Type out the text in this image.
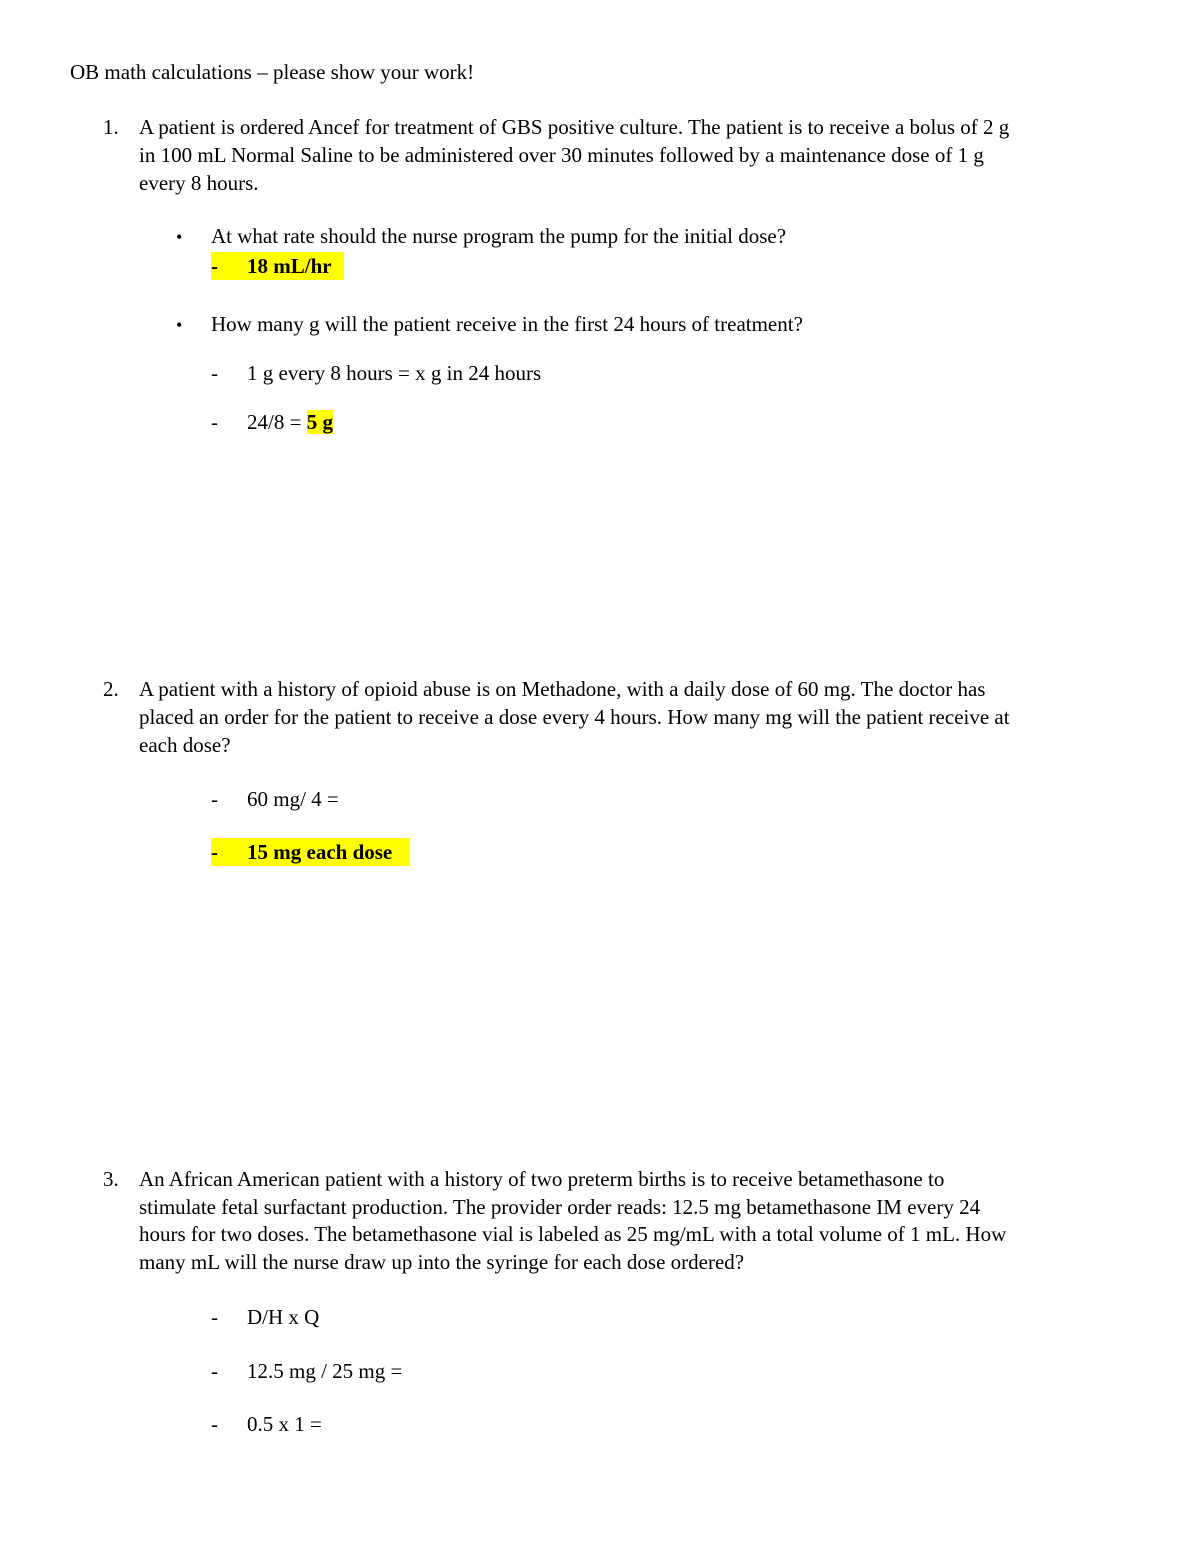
OB math calculations – please show your work!
1. A patient is ordered Ancef for treatment of GBS positive culture. The patient is to receive a bolus of 2 g
in 100 mL Normal Saline to be administered over 30 minutes followed by a maintenance dose of 1 g
every 8 hours.
• At what rate should the nurse program the pump for the initial dose?
- 18 mL/hr
• How many g will the patient receive in the first 24 hours of treatment?
- 1 g every 8 hours = x g in 24 hours
- 24/8 = 5 g
2. A patient with a history of opioid abuse is on Methadone, with a daily dose of 60 mg. The doctor has
placed an order for the patient to receive a dose every 4 hours. How many mg will the patient receive at
each dose?
- 60 mg/ 4 =
- 15 mg each dose
3. An African American patient with a history of two preterm births is to receive betamethasone to
stimulate fetal surfactant production. The provider order reads: 12.5 mg betamethasone IM every 24
hours for two doses. The betamethasone vial is labeled as 25 mg/mL with a total volume of 1 mL. How
many mL will the nurse draw up into the syringe for each dose ordered?
- D/H x Q
- 12.5 mg / 25 mg =
- 0.5 x 1 =
